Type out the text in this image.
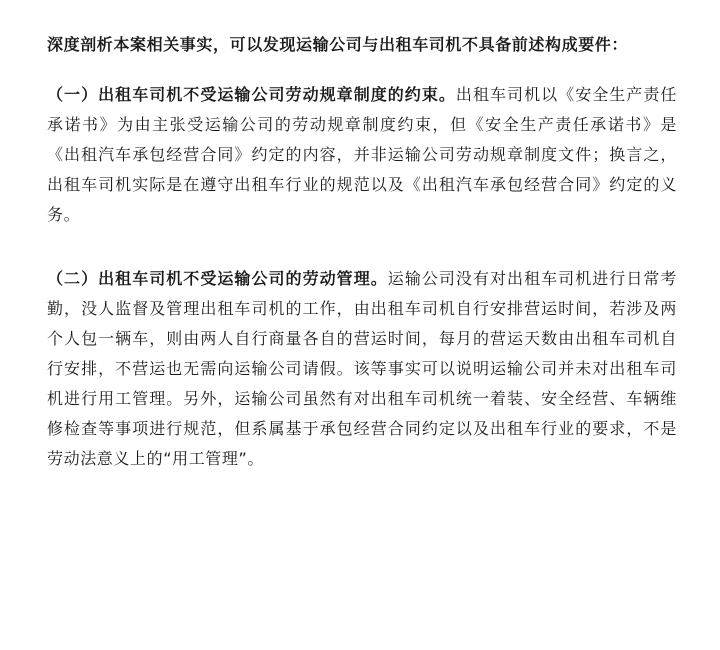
深度剖析本案相关事实，可以发现运输公司与出租车司机不具备前述构成要件：

（一）出租车司机不受运输公司劳动规章制度的约束。出租车司机以《安全生产责任承诺书》为由主张受运输公司的劳动规章制度约束，但《安全生产责任承诺书》是《出租汽车承包经营合同》约定的内容，并非运输公司劳动规章制度文件；换言之，出租车司机实际是在遵守出租车行业的规范以及《出租汽车承包经营合同》约定的义务。

（二）出租车司机不受运输公司的劳动管理。运输公司没有对出租车司机进行日常考勤，没人监督及管理出租车司机的工作，由出租车司机自行安排营运时间，若涉及两个人包一辆车，则由两人自行商量各自的营运时间，每月的营运天数由出租车司机自行安排，不营运也无需向运输公司请假。该等事实可以说明运输公司并未对出租车司机进行用工管理。另外，运输公司虽然有对出租车司机统一着装、安全经营、车辆维修检查等事项进行规范，但系属基于承包经营合同约定以及出租车行业的要求，不是劳动法意义上的“用工管理”。
